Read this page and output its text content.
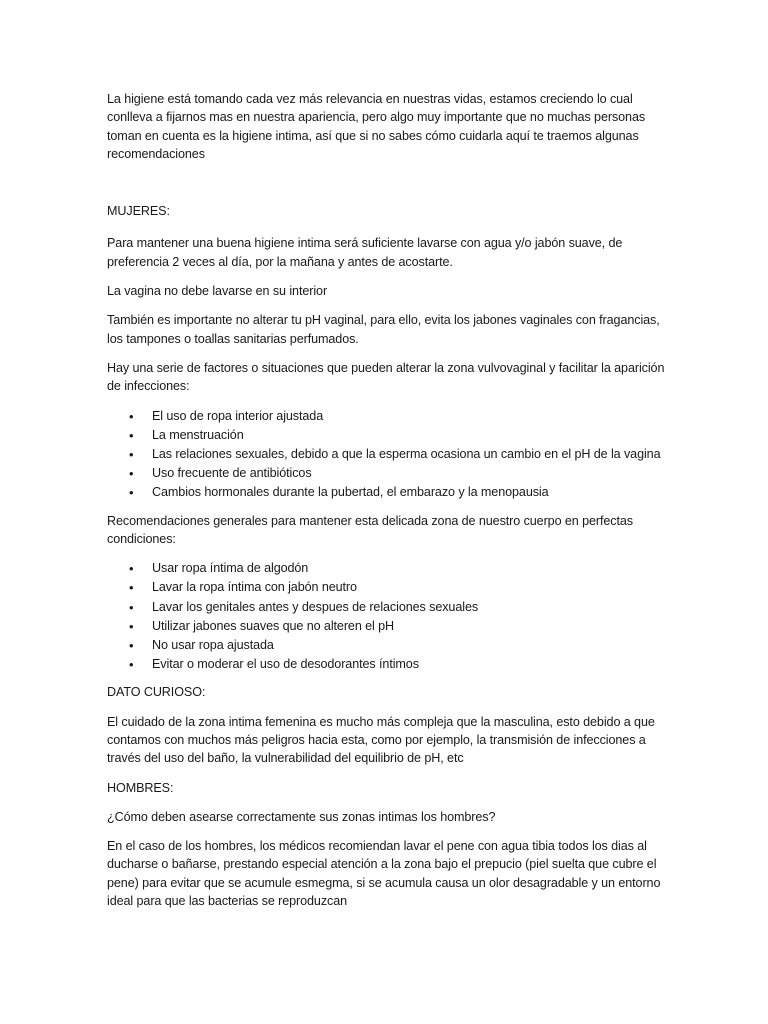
La higiene está tomando cada vez más relevancia en nuestras vidas, estamos creciendo lo cual conlleva a fijarnos mas en nuestra apariencia, pero algo muy importante que no muchas personas toman en cuenta es la higiene intima, así que si no sabes cómo cuidarla aquí te traemos algunas recomendaciones

MUJERES:

Para mantener una buena higiene intima será suficiente lavarse con agua y/o jabón suave, de preferencia 2 veces al día, por la mañana y antes de acostarte.

La vagina no debe lavarse en su interior

También es importante no alterar tu pH vaginal, para ello, evita los jabones vaginales con fragancias, los tampones o toallas sanitarias perfumados.

Hay una serie de factores o situaciones que pueden alterar la zona vulvovaginal y facilitar la aparición de infecciones:

• El uso de ropa interior ajustada
• La menstruación
• Las relaciones sexuales, debido a que la esperma ocasiona un cambio en el pH de la vagina
• Uso frecuente de antibióticos
• Cambios hormonales durante la pubertad, el embarazo y la menopausia

Recomendaciones generales para mantener esta delicada zona de nuestro cuerpo en perfectas condiciones:

• Usar ropa íntima de algodón
• Lavar la ropa íntima con jabón neutro
• Lavar los genitales antes y despues de relaciones sexuales
• Utilizar jabones suaves que no alteren el pH
• No usar ropa ajustada
• Evitar o moderar el uso de desodorantes íntimos

DATO CURIOSO:

El cuidado de la zona intima femenina es mucho más compleja que la masculina, esto debido a que contamos con muchos más peligros hacia esta, como por ejemplo, la transmisión de infecciones a través del uso del baño, la vulnerabilidad del equilibrio de pH, etc

HOMBRES:

¿Cómo deben asearse correctamente sus zonas intimas los hombres?

En el caso de los hombres, los médicos recomiendan lavar el pene con agua tibia todos los dias al ducharse o bañarse, prestando especial atención a la zona bajo el prepucio (piel suelta que cubre el pene) para evitar que se acumule esmegma, si se acumula causa un olor desagradable y un entorno ideal para que las bacterias se reproduzcan
